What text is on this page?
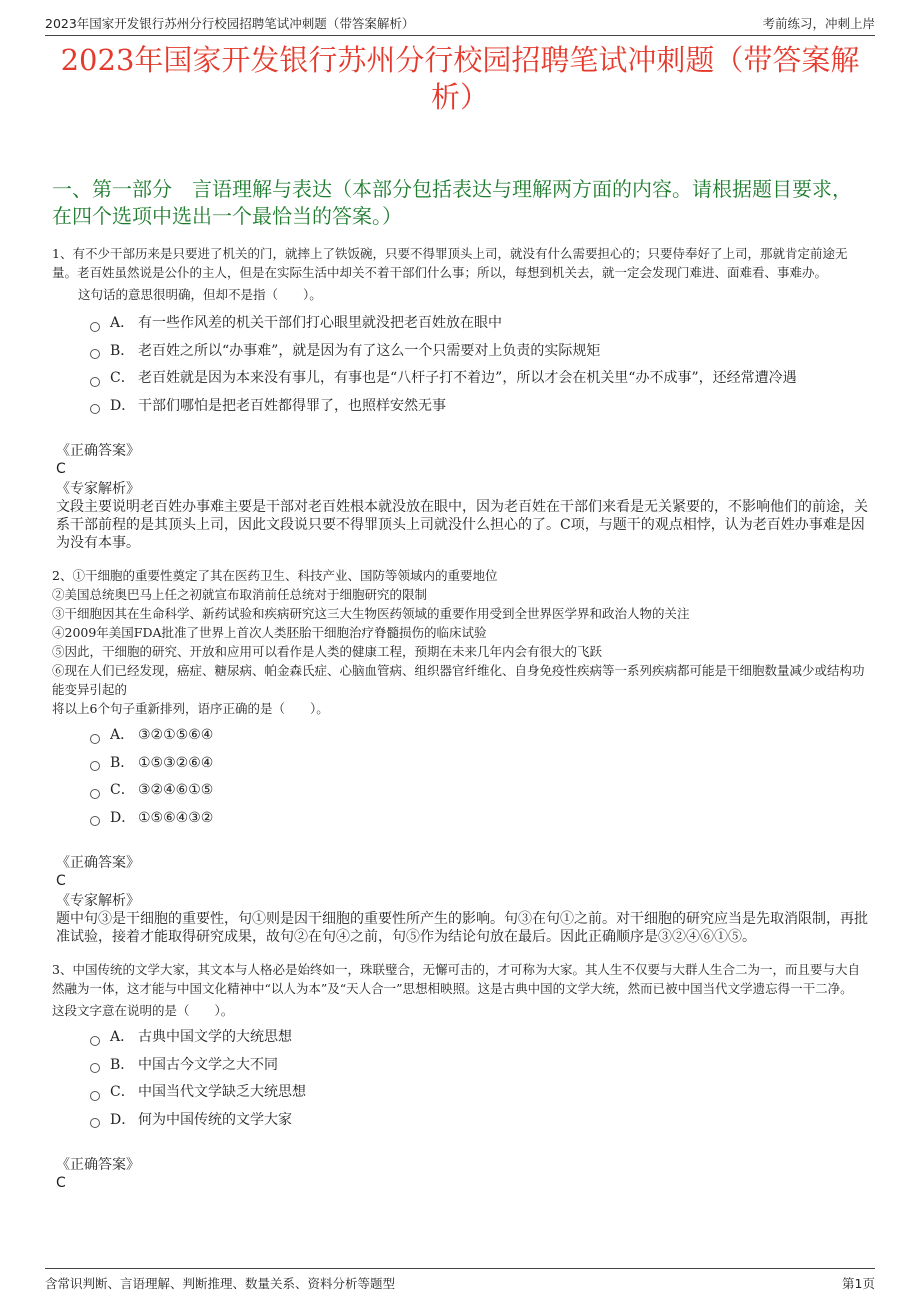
2023年国家开发银行苏州分行校园招聘笔试冲刺题（带答案解析）	考前练习，冲刺上岸
2023年国家开发银行苏州分行校园招聘笔试冲刺题（带答案解析）
一、第一部分　言语理解与表达（本部分包括表达与理解两方面的内容。请根据题目要求，在四个选项中选出一个最恰当的答案。）

1、有不少干部历来是只要进了机关的门，就摔上了铁饭碗，只要不得罪顶头上司，就没有什么需要担心的；只要侍奉好了上司，那就肯定前途无量。老百姓虽然说是公仆的主人，但是在实际生活中却关不着干部们什么事；所以，每想到机关去，就一定会发现门难进、面难看、事难办。

这句话的意思很明确，但却不是指（　　）。

A． 有一些作风差的机关干部们打心眼里就没把老百姓放在眼中
B． 老百姓之所以“办事难”，就是因为有了这么一个只需要对上负责的实际规矩
C． 老百姓就是因为本来没有事儿，有事也是“八杆子打不着边”，所以才会在机关里“办不成事”，还经常遭冷遇
D． 干部们哪怕是把老百姓都得罪了，也照样安然无事

《正确答案》

C

《专家解析》

文段主要说明老百姓办事难主要是干部对老百姓根本就没放在眼中，因为老百姓在干部们来看是无关紧要的，不影响他们的前途，关系干部前程的是其顶头上司，因此文段说只要不得罪顶头上司就没什么担心的了。C项，与题干的观点相悖，认为老百姓办事难是因为没有本事。

2、①干细胞的重要性奠定了其在医药卫生、科技产业、国防等领域内的重要地位

②美国总统奥巴马上任之初就宣布取消前任总统对于细胞研究的限制

③干细胞因其在生命科学、新药试验和疾病研究这三大生物医药领域的重要作用受到全世界医学界和政治人物的关注

④2009年美国FDA批准了世界上首次人类胚胎干细胞治疗脊髓损伤的临床试验

⑤因此，干细胞的研究、开放和应用可以看作是人类的健康工程，预期在未来几年内会有很大的飞跃

⑥现在人们已经发现，癌症、糖尿病、帕金森氏症、心脑血管病、组织器官纤维化、自身免疫性疾病等一系列疾病都可能是干细胞数量减少或结构功能变异引起的

将以上6个句子重新排列，语序正确的是（　　）。

A． ③②①⑤⑥④
B． ①⑤③②⑥④
C． ③②④⑥①⑤
D． ①⑤⑥④③②

《正确答案》

C

《专家解析》

题中句③是干细胞的重要性，句①则是因干细胞的重要性所产生的影响。句③在句①之前。对干细胞的研究应当是先取消限制，再批准试验，接着才能取得研究成果，故句②在句④之前，句⑤作为结论句放在最后。因此正确顺序是③②④⑥①⑤。

3、中国传统的文学大家，其文本与人格必是始终如一，珠联璧合，无懈可击的，才可称为大家。其人生不仅要与大群人生合二为一，而且要与大自然融为一体，这才能与中国文化精神中“以人为本”及“天人合一”思想相映照。这是古典中国的文学大统，然而已被中国当代文学遗忘得一干二净。

这段文字意在说明的是（　　）。

A． 古典中国文学的大统思想
B． 中国古今文学之大不同
C． 中国当代文学缺乏大统思想
D． 何为中国传统的文学大家

《正确答案》

C

含常识判断、言语理解、判断推理、数量关系、资料分析等题型	第1页
